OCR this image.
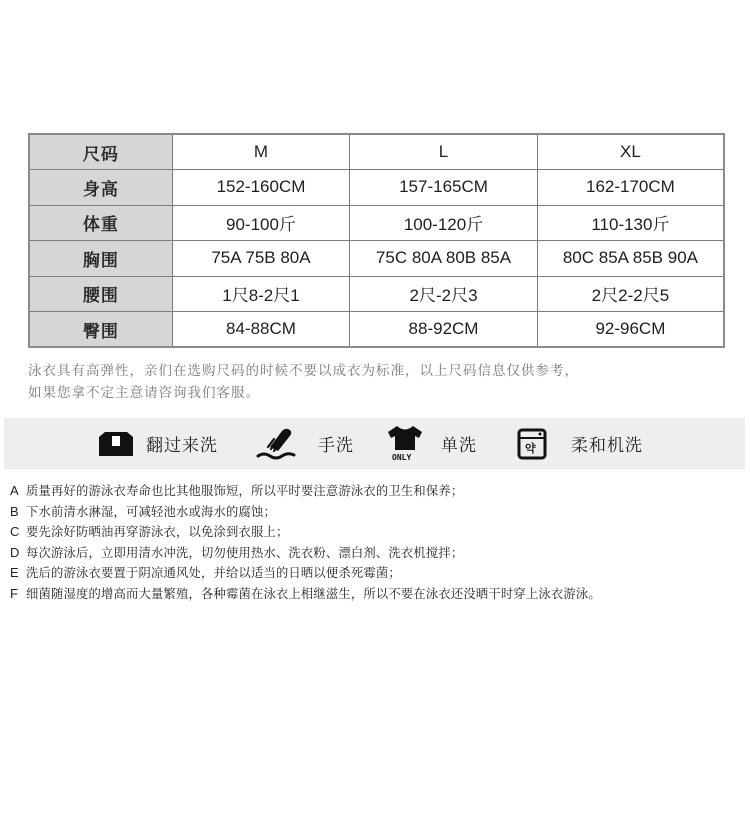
尺码	M	L	XL
身高	152-160CM	157-165CM	162-170CM
体重	90-100斤	100-120斤	110-130斤
胸围	75A 75B 80A	75C 80A 80B 85A	80C 85A 85B 90A
腰围	1尺8-2尺1	2尺-2尺3	2尺2-2尺5
臀围	84-88CM	88-92CM	92-96CM
泳衣具有高弹性，亲们在选购尺码的时候不要以成衣为标准，以上尺码信息仅供参考，
如果您拿不定主意请咨询我们客服。
翻过来洗	手洗
ONLY
单洗	약 柔和机洗
A 质量再好的游泳衣寿命也比其他服饰短，所以平时要注意游泳衣的卫生和保养；
B 下水前清水淋湿，可减轻池水或海水的腐蚀；
C 要先涂好防晒油再穿游泳衣，以免涂到衣服上；
D 每次游泳后，立即用清水冲洗，切勿使用热水、洗衣粉、漂白剂、洗衣机搅拌；
E 洗后的游泳衣要置于阴凉通风处，并给以适当的日晒以便杀死霉菌；
F 细菌随湿度的增高而大量繁殖，各种霉菌在泳衣上相继滋生，所以不要在泳衣还没晒干时穿上泳衣游泳。
